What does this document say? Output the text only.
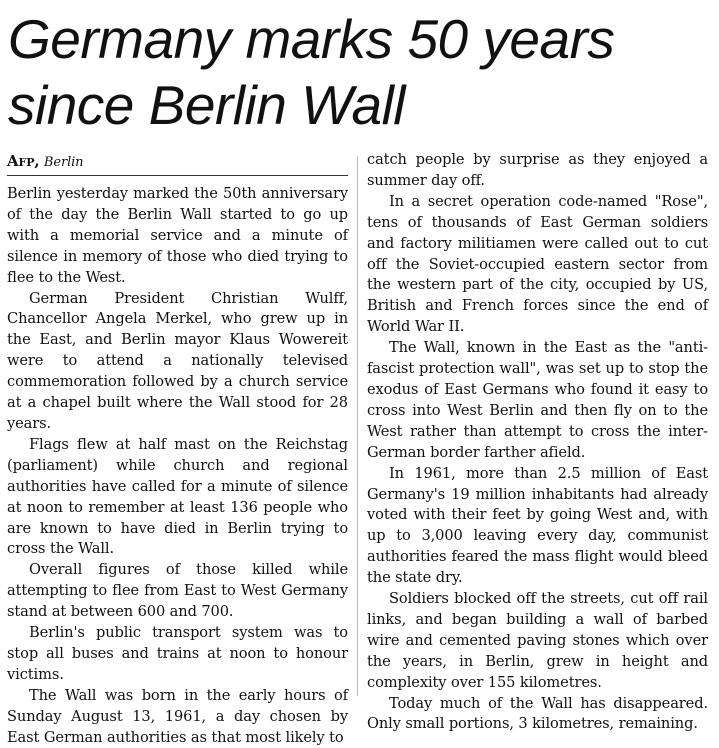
Germany marks 50 years
since Berlin Wall
Afp, Berlin

Berlin yesterday marked the 50th anniversary of the day the Berlin Wall started to go up with a memorial service and a minute of silence in memory of those who died trying to flee to the West.

German President Christian Wulff, Chancellor Angela Merkel, who grew up in the East, and Berlin mayor Klaus Wowereit were to attend a nationally televised commemoration followed by a church service at a chapel built where the Wall stood for 28 years.

Flags flew at half mast on the Reichstag (parliament) while church and regional authorities have called for a minute of silence at noon to remember at least 136 people who are known to have died in Berlin trying to cross the Wall.

Overall figures of those killed while attempting to flee from East to West Germany stand at between 600 and 700.

Berlin's public transport system was to stop all buses and trains at noon to honour victims.

The Wall was born in the early hours of Sunday August 13, 1961, a day chosen by East German authorities as that most likely to

catch people by surprise as they enjoyed a summer day off.

In a secret operation code-named "Rose", tens of thousands of East German soldiers and factory militiamen were called out to cut off the Soviet-occupied eastern sector from the western part of the city, occupied by US, British and French forces since the end of World War II.

The Wall, known in the East as the "anti-fascist protection wall", was set up to stop the exodus of East Germans who found it easy to cross into West Berlin and then fly on to the West rather than attempt to cross the inter-German border farther afield.

In 1961, more than 2.5 million of East Germany's 19 million inhabitants had already voted with their feet by going West and, with up to 3,000 leaving every day, communist authorities feared the mass flight would bleed the state dry.

Soldiers blocked off the streets, cut off rail links, and began building a wall of barbed wire and cemented paving stones which over the years, in Berlin, grew in height and complexity over 155 kilometres.

Today much of the Wall has disappeared. Only small portions, 3 kilometres, remaining.
